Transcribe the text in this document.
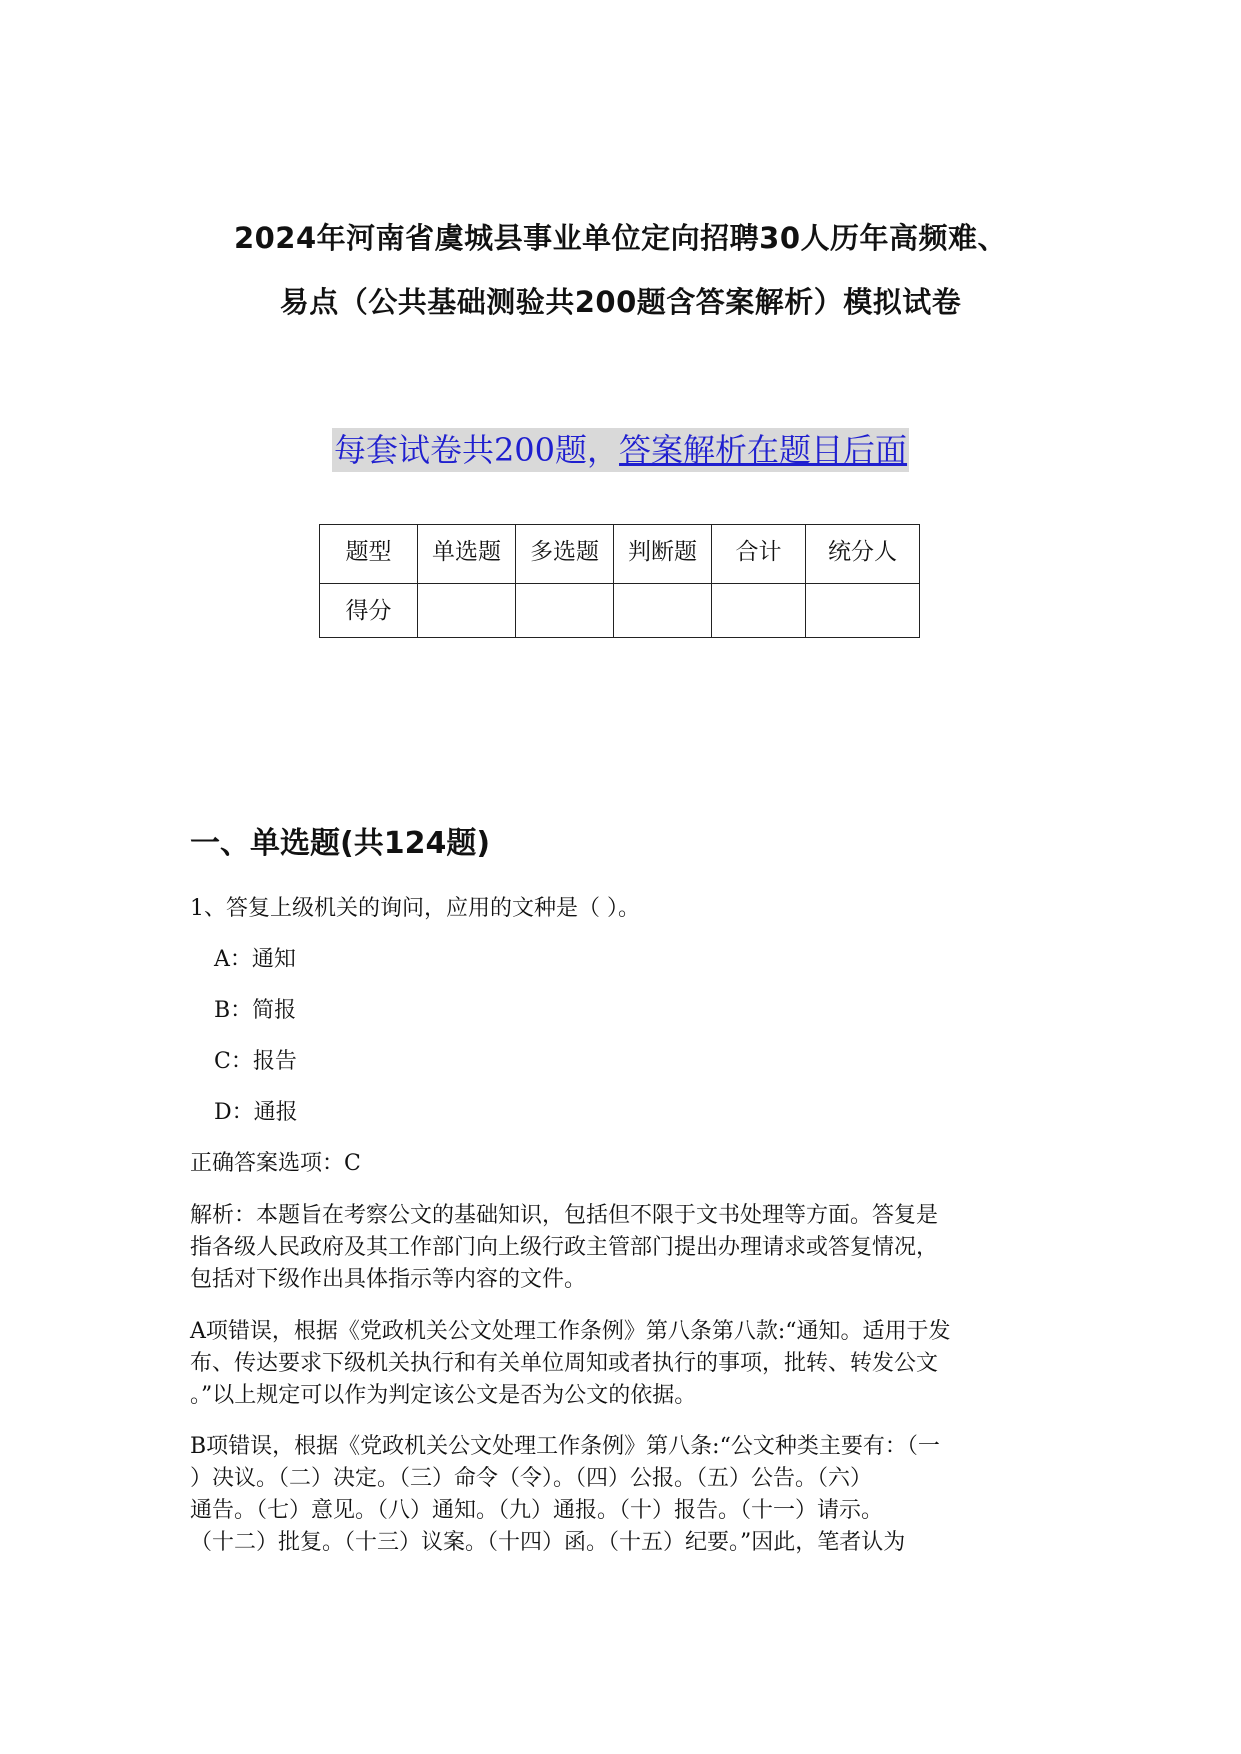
2024年河南省虞城县事业单位定向招聘30人历年高频难、
易点（公共基础测验共200题含答案解析）模拟试卷
每套试卷共200题，答案解析在题目后面
题型	单选题	多选题	判断题	合计	统分人
得分					
一、单选题(共124题)
1、答复上级机关的询问，应用的文种是（ ）。
A：通知
B：简报
C：报告
D：通报
正确答案选项：C
解析：本题旨在考察公文的基础知识，包括但不限于文书处理等方面。答复是
指各级人民政府及其工作部门向上级行政主管部门提出办理请求或答复情况，
包括对下级作出具体指示等内容的文件。
A项错误，根据《党政机关公文处理工作条例》第八条第八款:“通知。适用于发
布、传达要求下级机关执行和有关单位周知或者执行的事项，批转、转发公文
。”以上规定可以作为判定该公文是否为公文的依据。
B项错误，根据《党政机关公文处理工作条例》第八条:“公文种类主要有：（一
）决议。（二）决定。（三）命令（令）。（四）公报。（五）公告。（六）
通告。（七）意见。（八）通知。（九）通报。（十）报告。（十一）请示。
（十二）批复。（十三）议案。（十四）函。（十五）纪要。”因此，笔者认为
